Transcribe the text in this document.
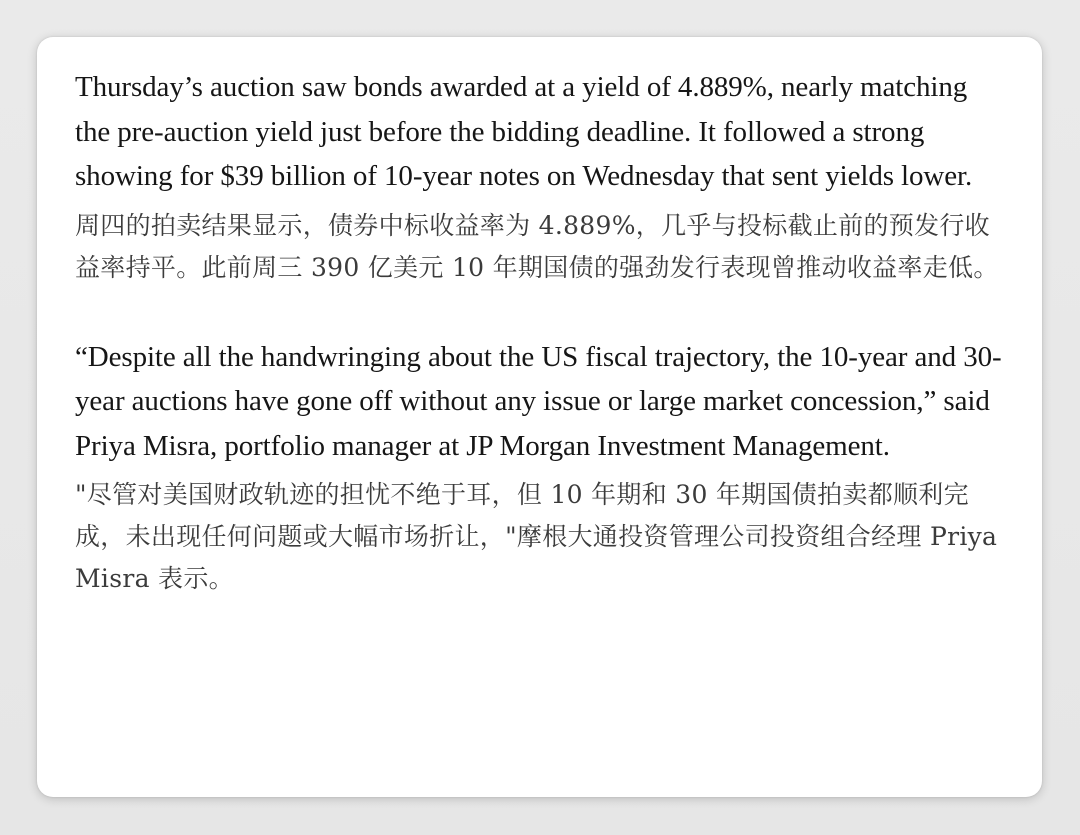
Thursday’s auction saw bonds awarded at a yield of 4.889%, nearly matching the pre-auction yield just before the bidding deadline. It followed a strong showing for $39 billion of 10-year notes on Wednesday that sent yields lower.

周四的拍卖结果显示，债券中标收益率为 4.889%，几乎与投标截止前的预发行收益率持平。此前周三 390 亿美元 10 年期国债的强劲发行表现曾推动收益率走低。

“Despite all the handwringing about the US fiscal trajectory, the 10-year and 30-year auctions have gone off without any issue or large market concession,” said Priya Misra, portfolio manager at JP Morgan Investment Management.

"尽管对美国财政轨迹的担忧不绝于耳，但 10 年期和 30 年期国债拍卖都顺利完成，未出现任何问题或大幅市场折让，"摩根大通投资管理公司投资组合经理 Priya Misra 表示。
